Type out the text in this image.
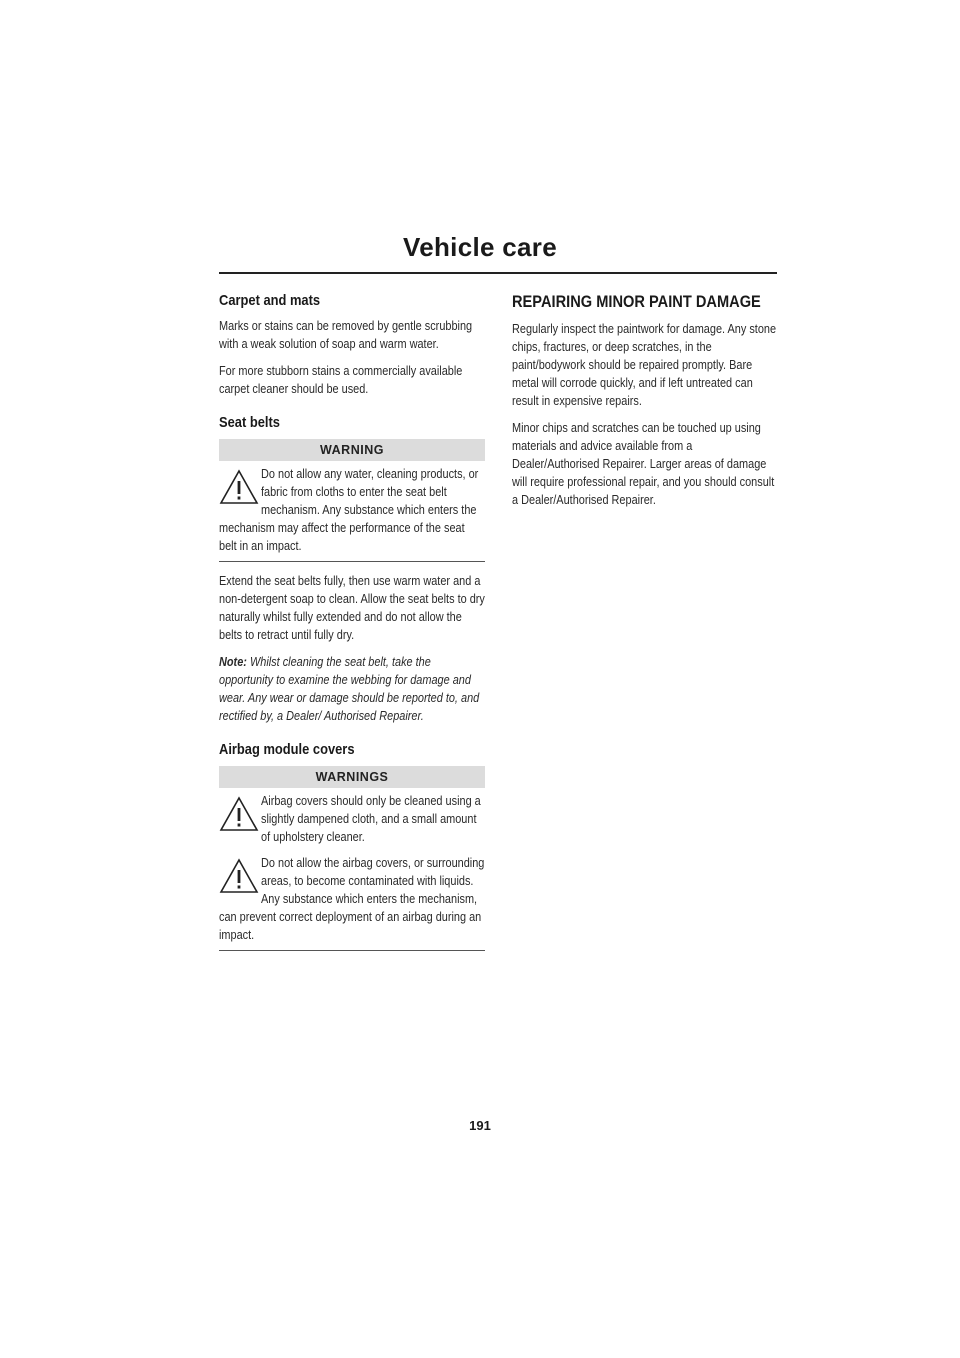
Vehicle care
Carpet and mats

Marks or stains can be removed by gentle scrubbing with a weak solution of soap and warm water.

For more stubborn stains a commercially available carpet cleaner should be used.

Seat belts
WARNING
Do not allow any water, cleaning products, or fabric from cloths to enter the seat belt mechanism. Any substance which enters the mechanism may affect the performance of the seat belt in an impact.

Extend the seat belts fully, then use warm water and a non-detergent soap to clean. Allow the seat belts to dry naturally whilst fully extended and do not allow the belts to retract until fully dry.

Note: Whilst cleaning the seat belt, take the opportunity to examine the webbing for damage and wear. Any wear or damage should be reported to, and rectified by, a Dealer/ Authorised Repairer.

Airbag module covers
WARNINGS
Airbag covers should only be cleaned using a slightly dampened cloth, and a small amount of upholstery cleaner.
Do not allow the airbag covers, or surrounding areas, to become contaminated with liquids. Any substance which enters the mechanism, can prevent correct deployment of an airbag during an impact.
REPAIRING MINOR PAINT DAMAGE

Regularly inspect the paintwork for damage. Any stone chips, fractures, or deep scratches, in the paint/bodywork should be repaired promptly. Bare metal will corrode quickly, and if left untreated can result in expensive repairs.

Minor chips and scratches can be touched up using materials and advice available from a Dealer/Authorised Repairer. Larger areas of damage will require professional repair, and you should consult a Dealer/Authorised Repairer.

191
